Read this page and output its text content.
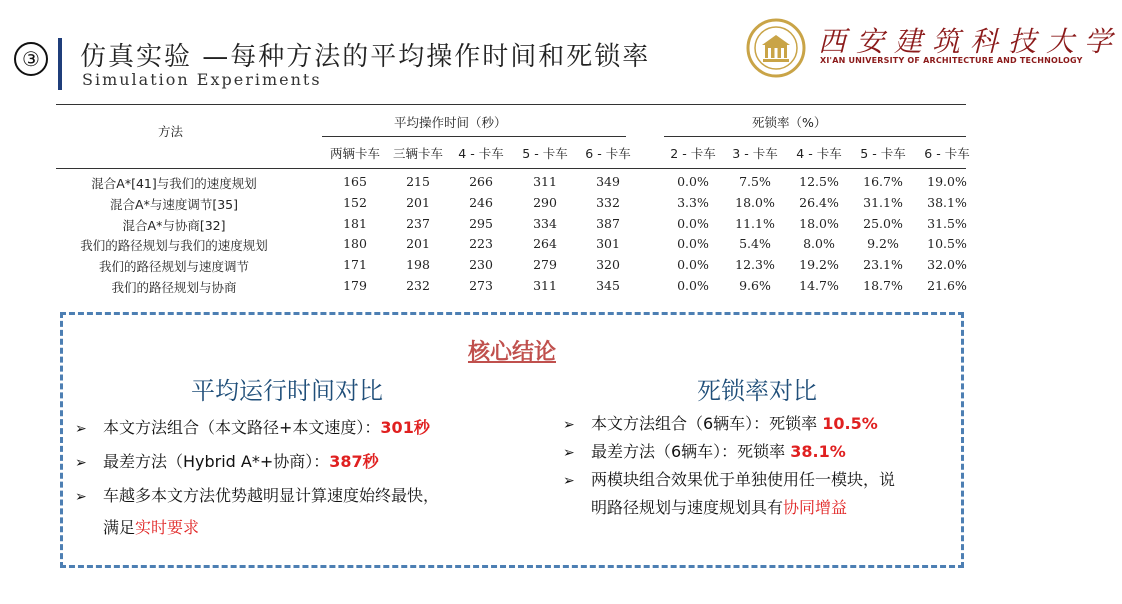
③	仿真实验 —每种方法的平均操作时间和死锁率
Simulation Experiments
西安建筑科技大学
XI'AN UNIVERSITY OF ARCHITECTURE AND TECHNOLOGY
方法
平均操作时间（秒）	死锁率（%）
两辆卡车	三辆卡车	4 - 卡车	5 - 卡车	6 - 卡车	2 - 卡车	3 - 卡车	4 - 卡车	5 - 卡车	6 - 卡车
混合A*[41]与我们的速度规划	165	215	266	311	349	0.0%	7.5%	12.5%	16.7%	19.0%
混合A*与速度调节[35]	152	201	246	290	332	3.3%	18.0%	26.4%	31.1%	38.1%
混合A*与协商[32]	181	237	295	334	387	0.0%	11.1%	18.0%	25.0%	31.5%
我们的路径规划与我们的速度规划	180	201	223	264	301	0.0%	5.4%	8.0%	9.2%	10.5%
我们的路径规划与速度调节	171	198	230	279	320	0.0%	12.3%	19.2%	23.1%	32.0%
我们的路径规划与协商	179	232	273	311	345	0.0%	9.6%	14.7%	18.7%	21.6%
核心结论
平均运行时间对比	死锁率对比
➢ 本文方法组合（本文路径+本文速度）：301秒
➢ 最差方法（Hybrid A*+协商）：387秒
➢ 车越多本文方法优势越明显计算速度始终最快，
满足实时要求
➢ 本文方法组合（6辆车）：死锁率 10.5%
➢ 最差方法（6辆车）：死锁率 38.1%
➢ 两模块组合效果优于单独使用任一模块，说
明路径规划与速度规划具有协同增益
